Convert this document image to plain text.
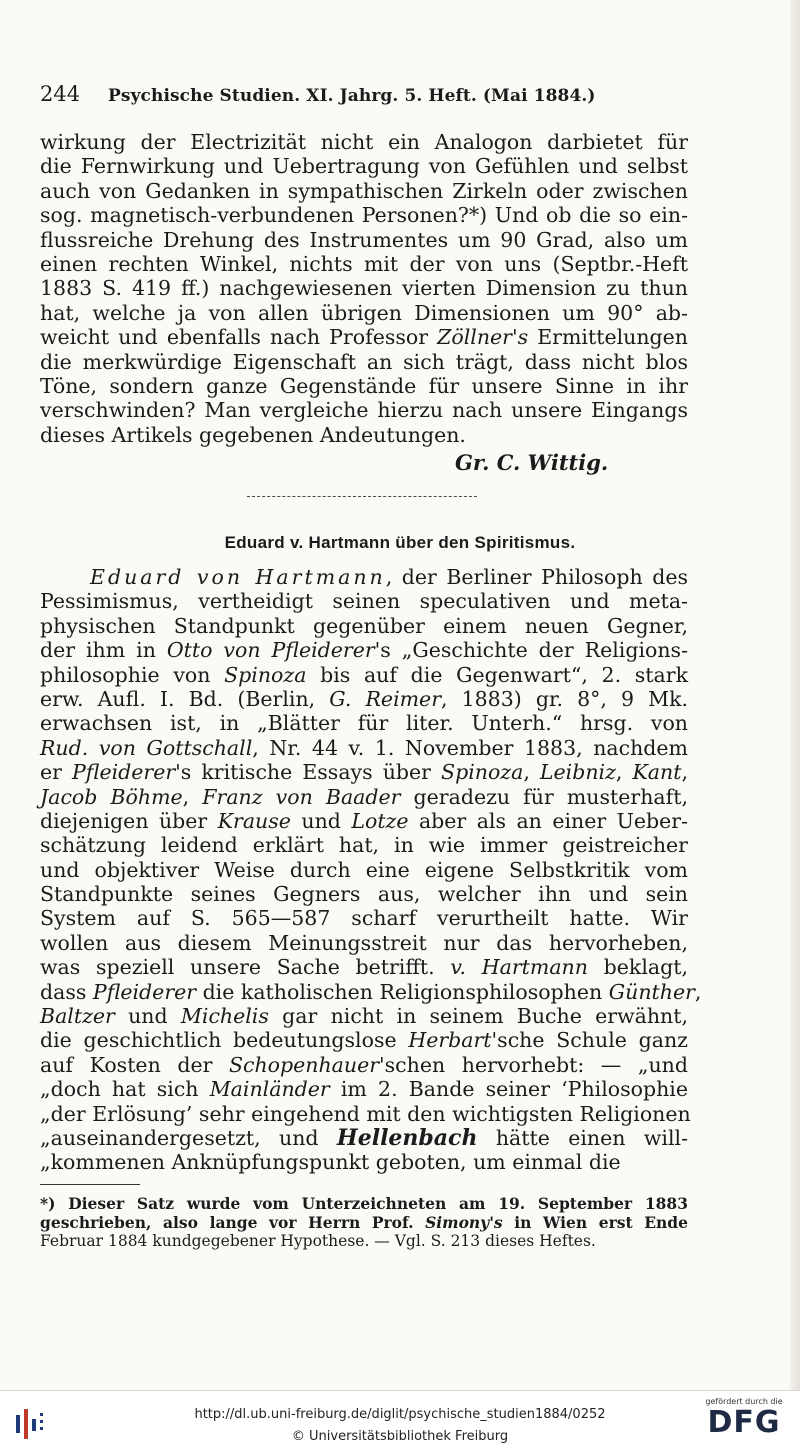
244 Psychische Studien. XI. Jahrg. 5. Heft. (Mai 1884.)
wirkung der Electrizität nicht ein Analogon darbietet für
die Fernwirkung und Uebertragung von Gefühlen und selbst
auch von Gedanken in sympathischen Zirkeln oder zwischen
sog. magnetisch-verbundenen Personen?*) Und ob die so ein-
flussreiche Drehung des Instrumentes um 90 Grad, also um
einen rechten Winkel, nichts mit der von uns (Septbr.-Heft
1883 S. 419 ff.) nachgewiesenen vierten Dimension zu thun
hat, welche ja von allen übrigen Dimensionen um 90° ab-
weicht und ebenfalls nach Professor Zöllner's Ermittelungen
die merkwürdige Eigenschaft an sich trägt, dass nicht blos
Töne, sondern ganze Gegenstände für unsere Sinne in ihr
verschwinden? Man vergleiche hierzu nach unsere Eingangs
dieses Artikels gegebenen Andeutungen.
Gr. C. Wittig.
Eduard v. Hartmann über den Spiritismus.
Eduard von Hartmann, der Berliner Philosoph des
Pessimismus, vertheidigt seinen speculativen und meta-
physischen Standpunkt gegenüber einem neuen Gegner,
der ihm in Otto von Pfleiderer's „Geschichte der Religions-
philosophie von Spinoza bis auf die Gegenwart“, 2. stark
erw. Aufl. I. Bd. (Berlin, G. Reimer, 1883) gr. 8°, 9 Mk.
erwachsen ist, in „Blätter für liter. Unterh.“ hrsg. von
Rud. von Gottschall, Nr. 44 v. 1. November 1883, nachdem
er Pfleiderer's kritische Essays über Spinoza, Leibniz, Kant,
Jacob Böhme, Franz von Baader geradezu für musterhaft,
diejenigen über Krause und Lotze aber als an einer Ueber-
schätzung leidend erklärt hat, in wie immer geistreicher
und objektiver Weise durch eine eigene Selbstkritik vom
Standpunkte seines Gegners aus, welcher ihn und sein
System auf S. 565—587 scharf verurtheilt hatte. Wir
wollen aus diesem Meinungsstreit nur das hervorheben,
was speziell unsere Sache betrifft. v. Hartmann beklagt,
dass Pfleiderer die katholischen Religionsphilosophen Günther,
Baltzer und Michelis gar nicht in seinem Buche erwähnt,
die geschichtlich bedeutungslose Herbart'sche Schule ganz
auf Kosten der Schopenhauer'schen hervorhebt: — „und
„doch hat sich Mainländer im 2. Bande seiner ‘Philosophie
„der Erlösung’ sehr eingehend mit den wichtigsten Religionen
„auseinandergesetzt, und Hellenbach hätte einen will-
„kommenen Anknüpfungspunkt geboten, um einmal die
*) Dieser Satz wurde vom Unterzeichneten am 19. September 1883
geschrieben, also lange vor Herrn Prof. Simony's in Wien erst Ende
Februar 1884 kundgegebener Hypothese. — Vgl. S. 213 dieses Heftes.
http://dl.ub.uni-freiburg.de/diglit/psychische_studien1884/0252
© Universitätsbibliothek Freiburg
gefördert durch die
DFG
